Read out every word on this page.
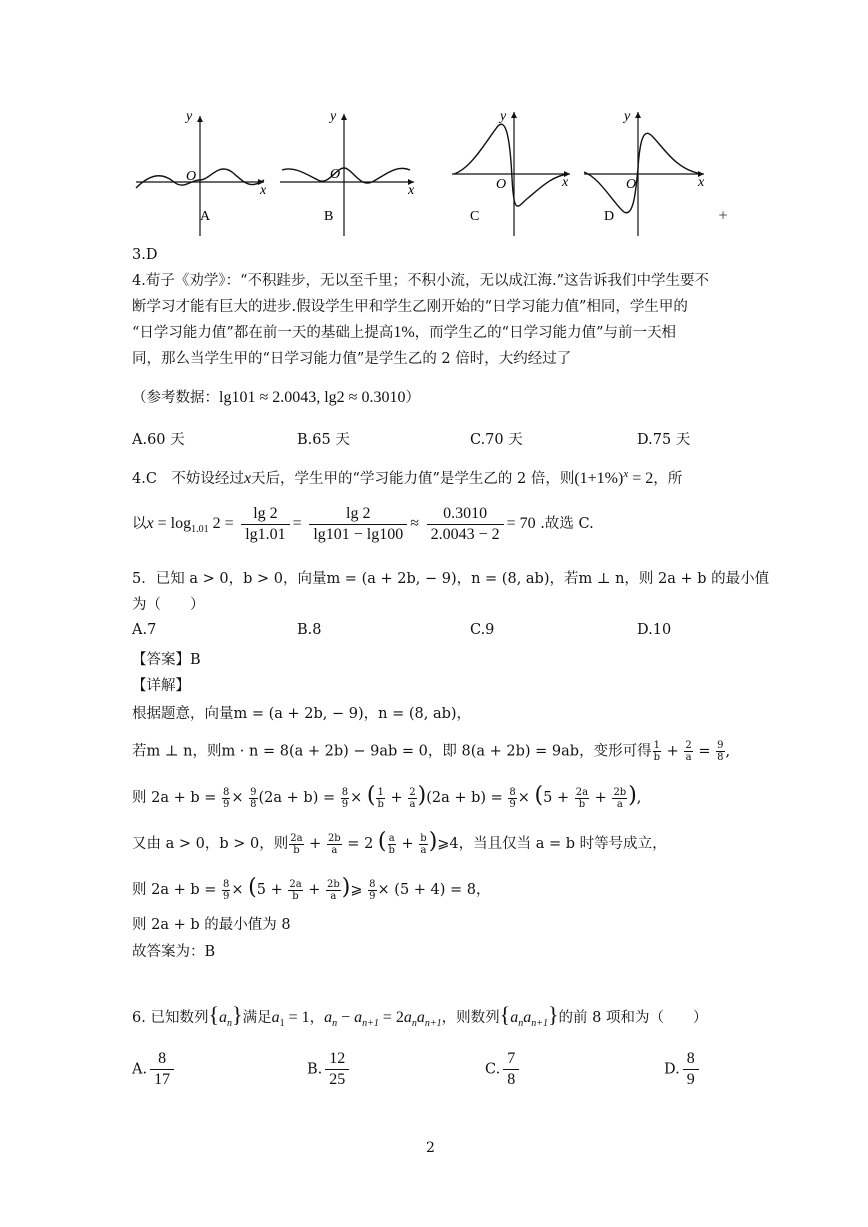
y
x
O
A
y
x
O
B
y
x
O
C
y
x
O
D	+
3.D
4.荀子《劝学》：“不积跬步，无以至千里；不积小流，无以成江海.”这告诉我们中学生要不
断学习才能有巨大的进步.假设学生甲和学生乙刚开始的“日学习能力值”相同，学生甲的
“日学习能力值”都在前一天的基础上提高1%，而学生乙的“日学习能力值”与前一天相
同，那么当学生甲的“日学习能力值”是学生乙的 2 倍时，大约经过了
（参考数据：lg101 ≈ 2.0043, lg2 ≈ 0.3010）
A.60 天	B.65 天	C.70 天	D.75 天
4.C　不妨设经过x天后，学生甲的“学习能力值”是学生乙的 2 倍，则$(1+1\%)^x = 2$，所
以$x = \log_{1.01} 2 = \frac{\lg 2}{\lg 1.01} = \frac{\lg 2}{\lg 101 - \lg 100} \approx \frac{0.3010}{2.0043 - 2} = 70$ .故选 C.
5．已知 a > 0，b > 0，向量m = (a + 2b, − 9)，n = (8, ab)，若m ⊥ n，则 2a + b 的最小值
为（　　）
A.7	B.8	C.9	D.10
【答案】B
【详解】
根据题意，向量m = (a + 2b, − 9)，n = (8, ab)，
若m ⊥ n，则m · n = 8(a + 2b) − 9ab = 0，即 8(a + 2b) = 9ab，变形可得 $\frac{1}{b} + \frac{2}{a} = \frac{9}{8}$ ,
则 $2a + b = \frac{8}{9} \times \frac{9}{8} (2a + b) = \frac{8}{9}$ × ( $\frac{1}{b} + \frac{2}{a} )(2a + b) = \frac{8}{9} \times (5 + \frac{2a}{b} + \frac{2b}{a}$ ),
又由 a > 0，b > 0，则 $\frac{2a}{b} + \frac{2b}{a} = 2$ ( $\frac{a}{b} + \frac{b}{a}$ )⩾4，当且仅当 a = b 时等号成立，
则 $2a + b = \frac{8}{9} \times (5 + \frac{2a}{b} + \frac{2b}{a}$ )⩾ $\frac{8}{9} \times (5 + 4) = 8$，
则 2a + b 的最小值为 8
故答案为：B
6. 已知数列$\{a_n\}$满足$a_1 = 1$，$a_n - a_{n+1} = 2a_na_{n+1}$，则数列$\{a_na_{n+1}\}$的前 8 项和为（　　）
A. $\frac{8}{17}$	B. $\frac{12}{25}$	C. $\frac{7}{8}$	D. $\frac{8}{9}$
2
